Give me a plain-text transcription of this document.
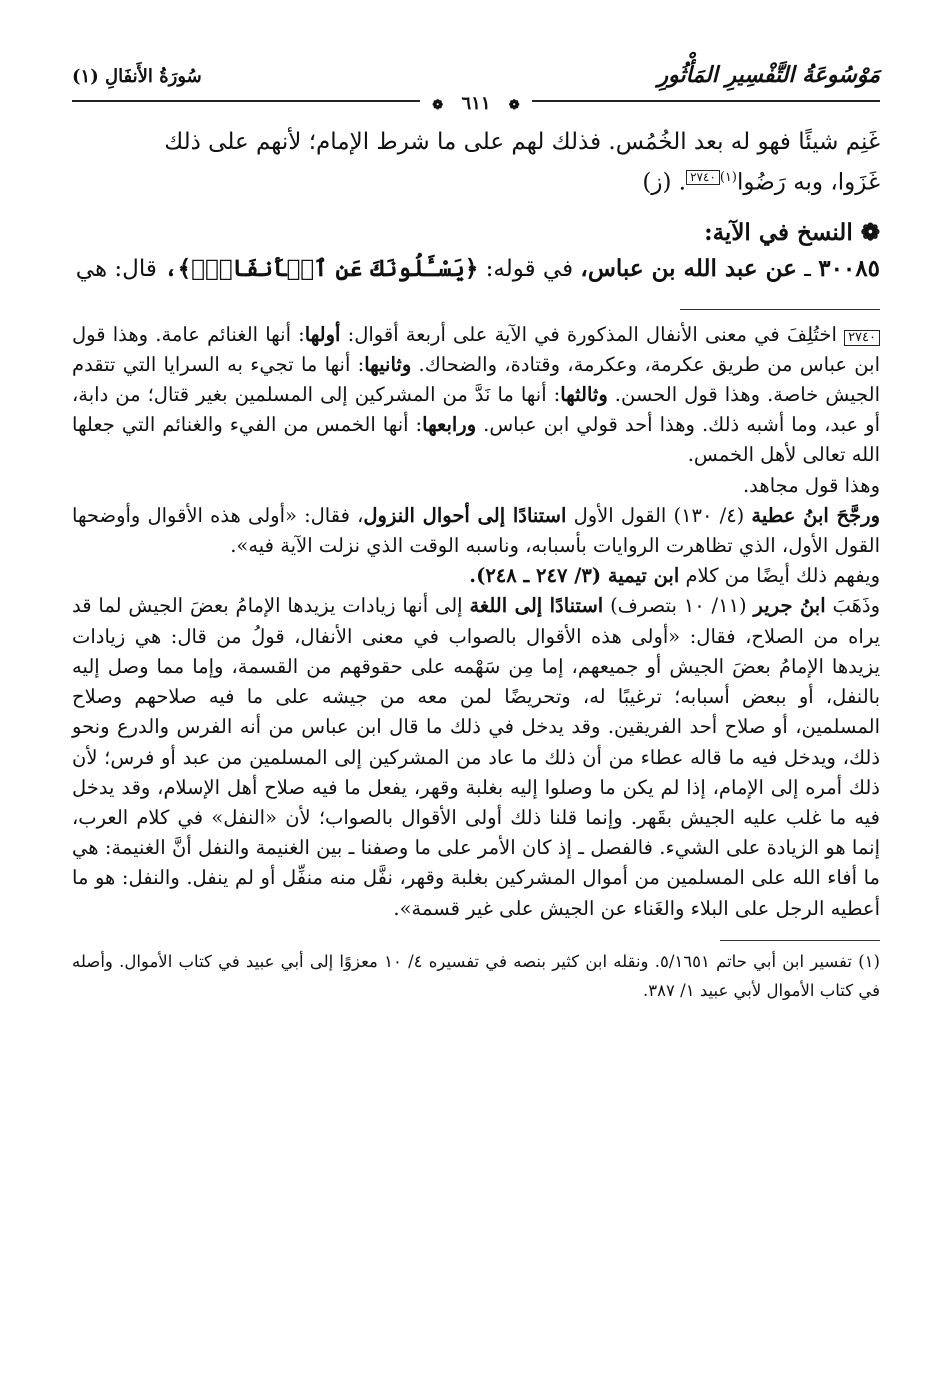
مَوْسُوعَةُ التَّفْسِيرِ المَأْثُورِ
سُورَةُ الأَنفَالِ (١)
❁ ٦١١ ❁

غَنِم شيئًا فهو له بعد الخُمُس. فذلك لهم على ما شرط الإمام؛ لأنهم على ذلك

غَزَوا، وبه رَضُوا$^{(١)}$٢٧٤٠. (ز)

❁ النسخ في الآية:

٣٠٠٨٥ ـ عن عبد الله بن عباس، في قوله: ﴿يَسْـَٔلُونَكَ عَنِ ٱلۡأَنفَالِۖ﴾، قال: هي

٢٧٤٠ اختُلِفَ في معنى الأنفال المذكورة في الآية على أربعة أقوال: أولها: أنها الغنائم عامة. وهذا قول ابن عباس من طريق عكرمة، وعكرمة، وقتادة، والضحاك. وثانيها: أنها ما تجيء به السرايا التي تتقدم الجيش خاصة. وهذا قول الحسن. وثالثها: أنها ما نَدَّ من المشركين إلى المسلمين بغير قتال؛ من دابة، أو عبد، وما أشبه ذلك. وهذا أحد قولي ابن عباس. ورابعها: أنها الخمس من الفيء والغنائم التي جعلها الله تعالى لأهل الخمس.

وهذا قول مجاهد.

ورجَّحَ ابنُ عطية (٤/ ١٣٠) القول الأول استنادًا إلى أحوال النزول، فقال: «أولى هذه الأقوال وأوضحها القول الأول، الذي تظاهرت الروايات بأسبابه، وناسبه الوقت الذي نزلت الآية فيه».

ويفهم ذلك أيضًا من كلام ابن تيمية (٣/ ٢٤٧ ـ ٢٤٨).

وذَهَبَ ابنُ جرير (١١/ ١٠ بتصرف) استنادًا إلى اللغة إلى أنها زيادات يزيدها الإمامُ بعضَ الجيش لما قد يراه من الصلاح، فقال: «أولى هذه الأقوال بالصواب في معنى الأنفال، قولُ من قال: هي زيادات يزيدها الإمامُ بعضَ الجيش أو جميعهم، إما مِن سَهْمه على حقوقهم من القسمة، وإما مما وصل إليه بالنفل، أو ببعض أسبابه؛ ترغيبًا له، وتحريضًا لمن معه من جيشه على ما فيه صلاحهم وصلاح المسلمين، أو صلاح أحد الفريقين. وقد يدخل في ذلك ما قال ابن عباس من أنه الفرس والدرع ونحو ذلك، ويدخل فيه ما قاله عطاء من أن ذلك ما عاد من المشركين إلى المسلمين من عبد أو فرس؛ لأن ذلك أمره إلى الإمام، إذا لم يكن ما وصلوا إليه بغلبة وقهر، يفعل ما فيه صلاح أهل الإسلام، وقد يدخل فيه ما غلب عليه الجيش بقَهر. وإنما قلنا ذلك أولى الأقوال بالصواب؛ لأن «النفل» في كلام العرب، إنما هو الزيادة على الشيء. فالفصل ـ إذ كان الأمر على ما وصفنا ـ بين الغنيمة والنفل أنَّ الغنيمة: هي ما أفاء الله على المسلمين من أموال المشركين بغلبة وقهر، نفَّل منه منفِّل أو لم ينفل. والنفل: هو ما أعطيه الرجل على البلاء والغَناء عن الجيش على غير قسمة».

(١) تفسير ابن أبي حاتم ٥/١٦٥١. ونقله ابن كثير بنصه في تفسيره ٤/ ١٠ معزوًا إلى أبي عبيد في كتاب الأموال. وأصله في كتاب الأموال لأبي عبيد ١/ ٣٨٧.
